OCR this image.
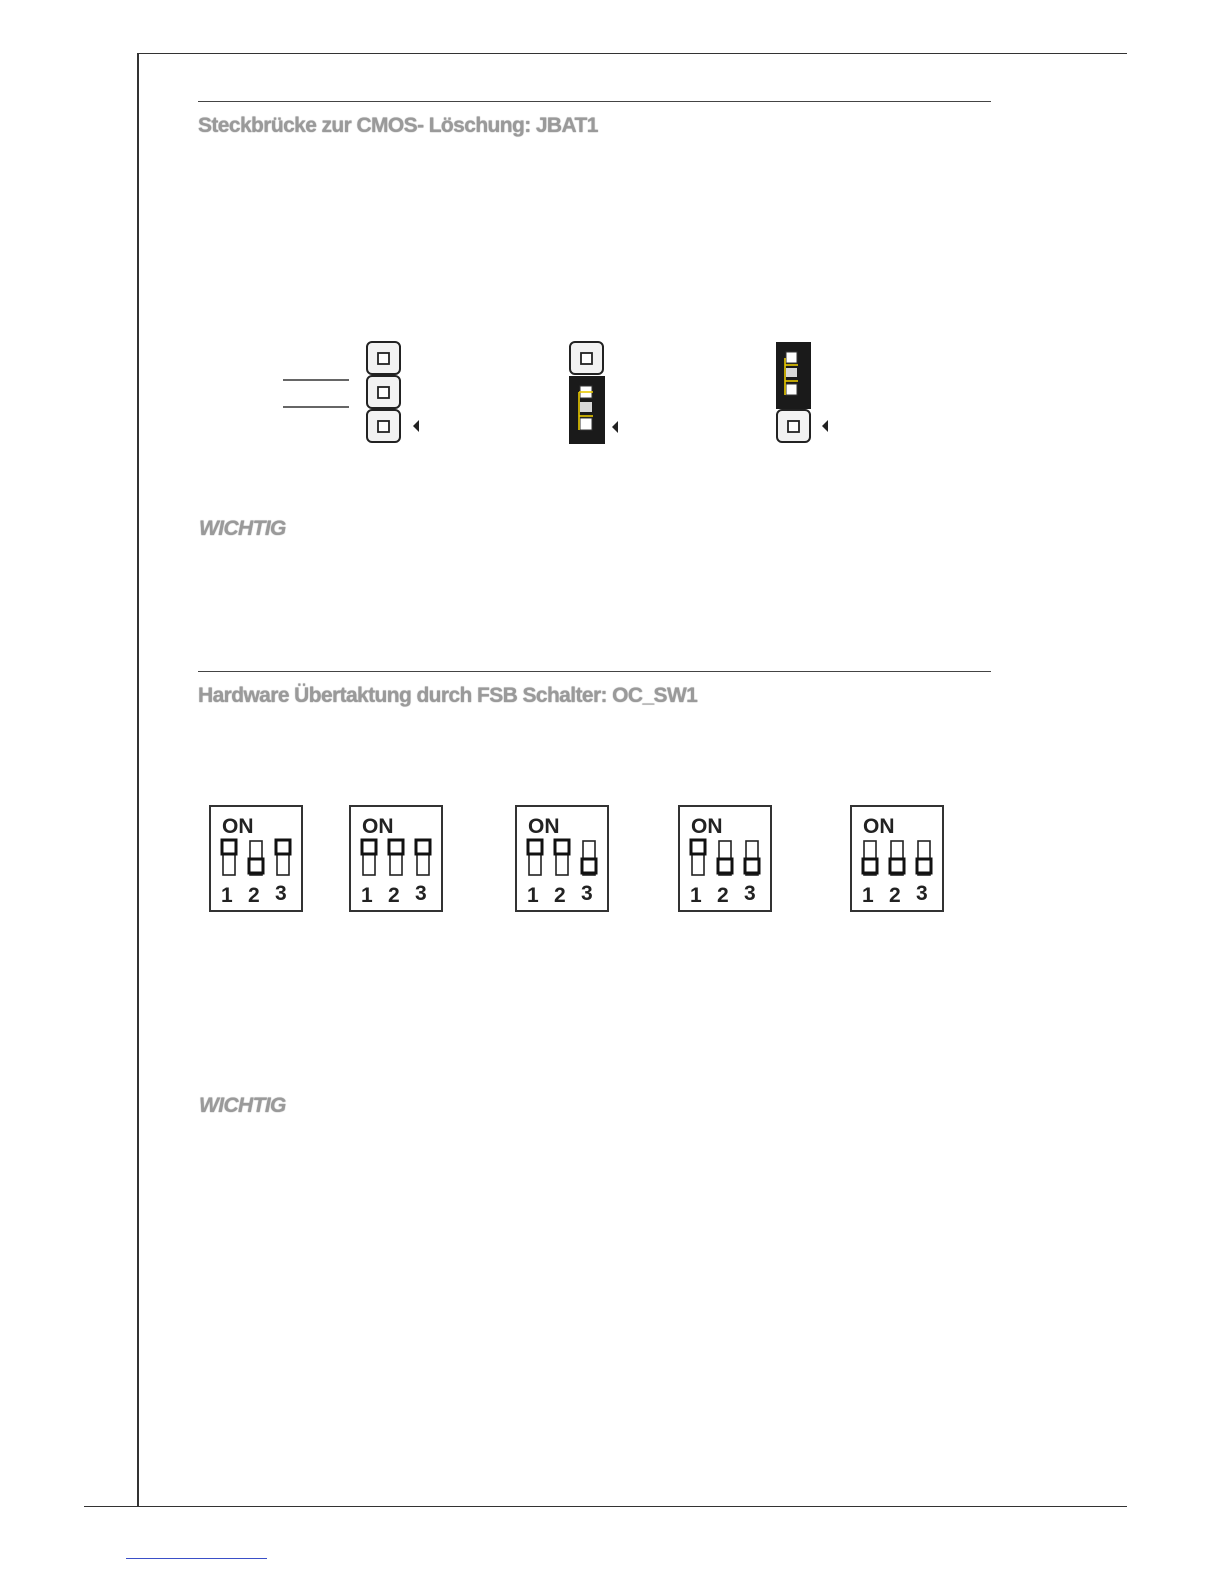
Steckbrücke zur CMOS- Löschung: JBAT1
WICHTIG
Hardware Übertaktung durch FSB Schalter: OC_SW1
ON
1 2 3
ON
1 2 3
ON
1 2 3
ON
1 2 3
ON
1 2 3
WICHTIG
